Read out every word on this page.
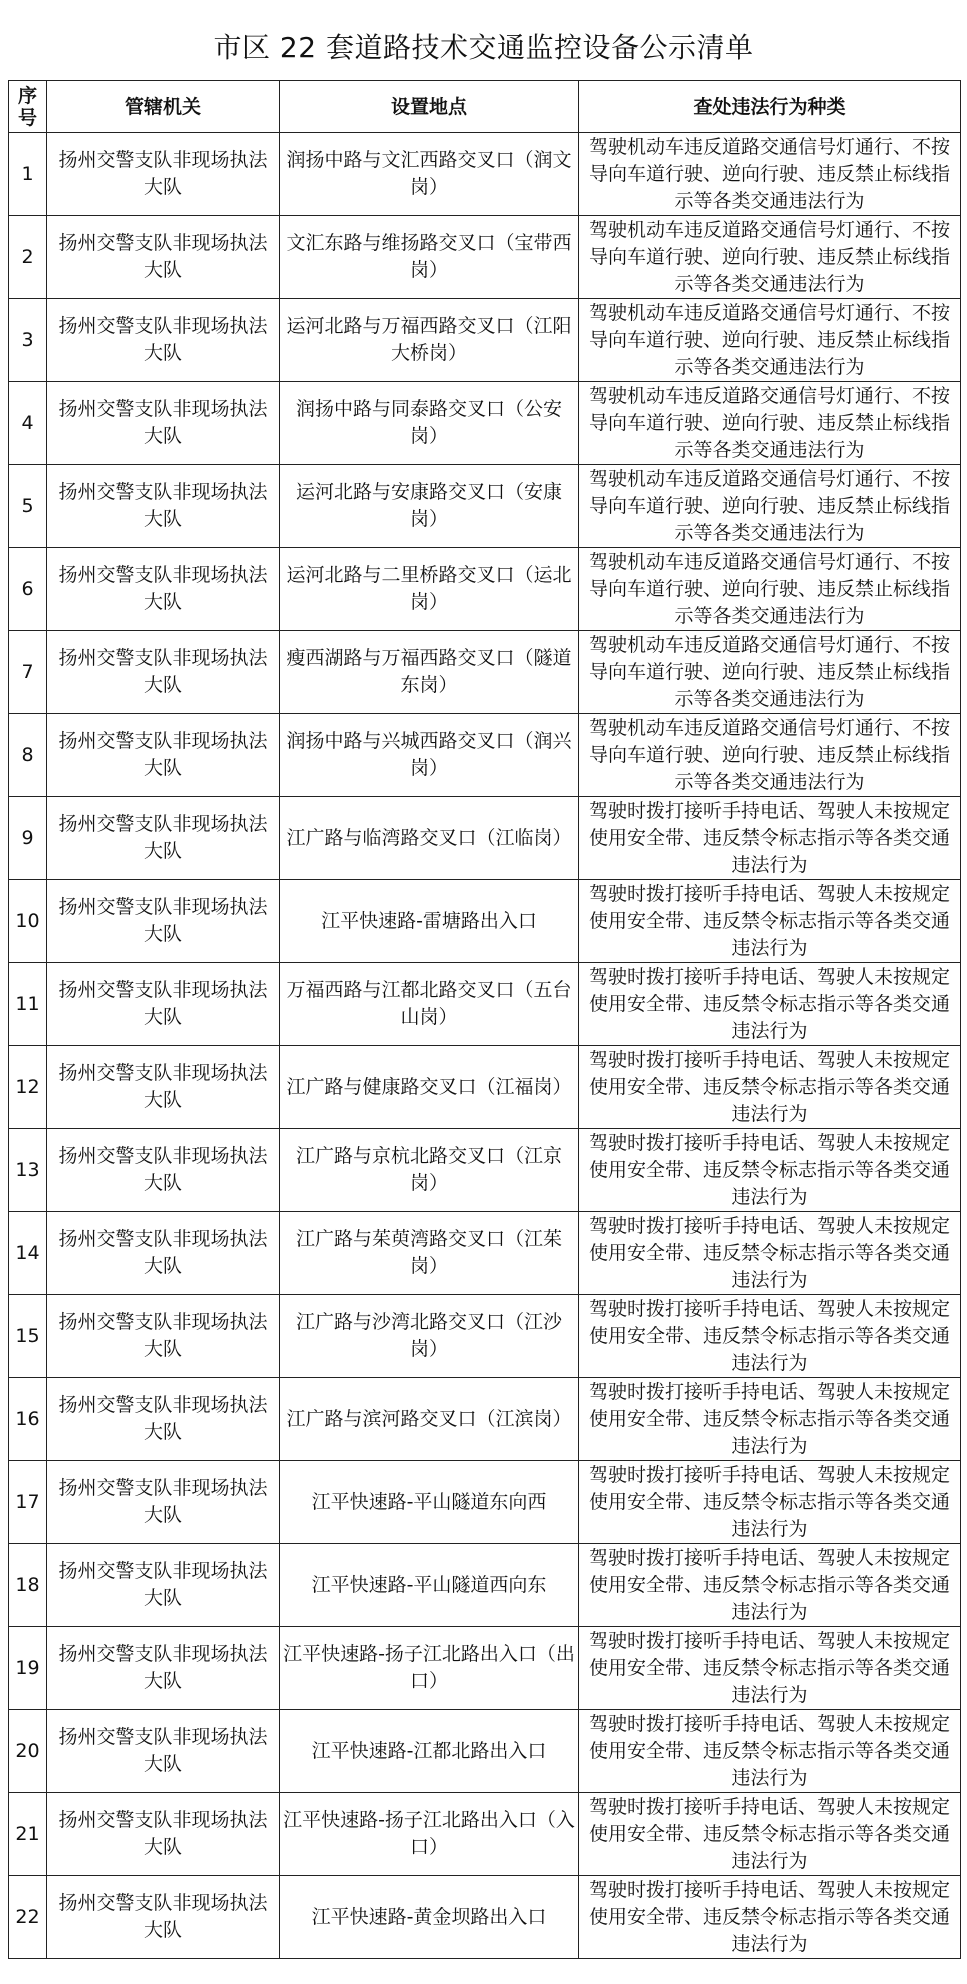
市区 22 套道路技术交通监控设备公示清单
序号	管辖机关	设置地点	查处违法行为种类
1	扬州交警支队非现场执法大队	润扬中路与文汇西路交叉口（润文岗）	驾驶机动车违反道路交通信号灯通行、不按导向车道行驶、逆向行驶、违反禁止标线指示等各类交通违法行为
2	扬州交警支队非现场执法大队	文汇东路与维扬路交叉口（宝带西岗）	驾驶机动车违反道路交通信号灯通行、不按导向车道行驶、逆向行驶、违反禁止标线指示等各类交通违法行为
3	扬州交警支队非现场执法大队	运河北路与万福西路交叉口（江阳大桥岗）	驾驶机动车违反道路交通信号灯通行、不按导向车道行驶、逆向行驶、违反禁止标线指示等各类交通违法行为
4	扬州交警支队非现场执法大队	润扬中路与同泰路交叉口（公安岗）	驾驶机动车违反道路交通信号灯通行、不按导向车道行驶、逆向行驶、违反禁止标线指示等各类交通违法行为
5	扬州交警支队非现场执法大队	运河北路与安康路交叉口（安康岗）	驾驶机动车违反道路交通信号灯通行、不按导向车道行驶、逆向行驶、违反禁止标线指示等各类交通违法行为
6	扬州交警支队非现场执法大队	运河北路与二里桥路交叉口（运北岗）	驾驶机动车违反道路交通信号灯通行、不按导向车道行驶、逆向行驶、违反禁止标线指示等各类交通违法行为
7	扬州交警支队非现场执法大队	瘦西湖路与万福西路交叉口（隧道东岗）	驾驶机动车违反道路交通信号灯通行、不按导向车道行驶、逆向行驶、违反禁止标线指示等各类交通违法行为
8	扬州交警支队非现场执法大队	润扬中路与兴城西路交叉口（润兴岗）	驾驶机动车违反道路交通信号灯通行、不按导向车道行驶、逆向行驶、违反禁止标线指示等各类交通违法行为
9	扬州交警支队非现场执法大队	江广路与临湾路交叉口（江临岗）	驾驶时拨打接听手持电话、驾驶人未按规定使用安全带、违反禁令标志指示等各类交通违法行为
10	扬州交警支队非现场执法大队	江平快速路-雷塘路出入口	驾驶时拨打接听手持电话、驾驶人未按规定使用安全带、违反禁令标志指示等各类交通违法行为
11	扬州交警支队非现场执法大队	万福西路与江都北路交叉口（五台山岗）	驾驶时拨打接听手持电话、驾驶人未按规定使用安全带、违反禁令标志指示等各类交通违法行为
12	扬州交警支队非现场执法大队	江广路与健康路交叉口（江福岗）	驾驶时拨打接听手持电话、驾驶人未按规定使用安全带、违反禁令标志指示等各类交通违法行为
13	扬州交警支队非现场执法大队	江广路与京杭北路交叉口（江京岗）	驾驶时拨打接听手持电话、驾驶人未按规定使用安全带、违反禁令标志指示等各类交通违法行为
14	扬州交警支队非现场执法大队	江广路与茱萸湾路交叉口（江茱岗）	驾驶时拨打接听手持电话、驾驶人未按规定使用安全带、违反禁令标志指示等各类交通违法行为
15	扬州交警支队非现场执法大队	江广路与沙湾北路交叉口（江沙岗）	驾驶时拨打接听手持电话、驾驶人未按规定使用安全带、违反禁令标志指示等各类交通违法行为
16	扬州交警支队非现场执法大队	江广路与滨河路交叉口（江滨岗）	驾驶时拨打接听手持电话、驾驶人未按规定使用安全带、违反禁令标志指示等各类交通违法行为
17	扬州交警支队非现场执法大队	江平快速路-平山隧道东向西	驾驶时拨打接听手持电话、驾驶人未按规定使用安全带、违反禁令标志指示等各类交通违法行为
18	扬州交警支队非现场执法大队	江平快速路-平山隧道西向东	驾驶时拨打接听手持电话、驾驶人未按规定使用安全带、违反禁令标志指示等各类交通违法行为
19	扬州交警支队非现场执法大队	江平快速路-扬子江北路出入口（出口）	驾驶时拨打接听手持电话、驾驶人未按规定使用安全带、违反禁令标志指示等各类交通违法行为
20	扬州交警支队非现场执法大队	江平快速路-江都北路出入口	驾驶时拨打接听手持电话、驾驶人未按规定使用安全带、违反禁令标志指示等各类交通违法行为
21	扬州交警支队非现场执法大队	江平快速路-扬子江北路出入口（入口）	驾驶时拨打接听手持电话、驾驶人未按规定使用安全带、违反禁令标志指示等各类交通违法行为
22	扬州交警支队非现场执法大队	江平快速路-黄金坝路出入口	驾驶时拨打接听手持电话、驾驶人未按规定使用安全带、违反禁令标志指示等各类交通违法行为
